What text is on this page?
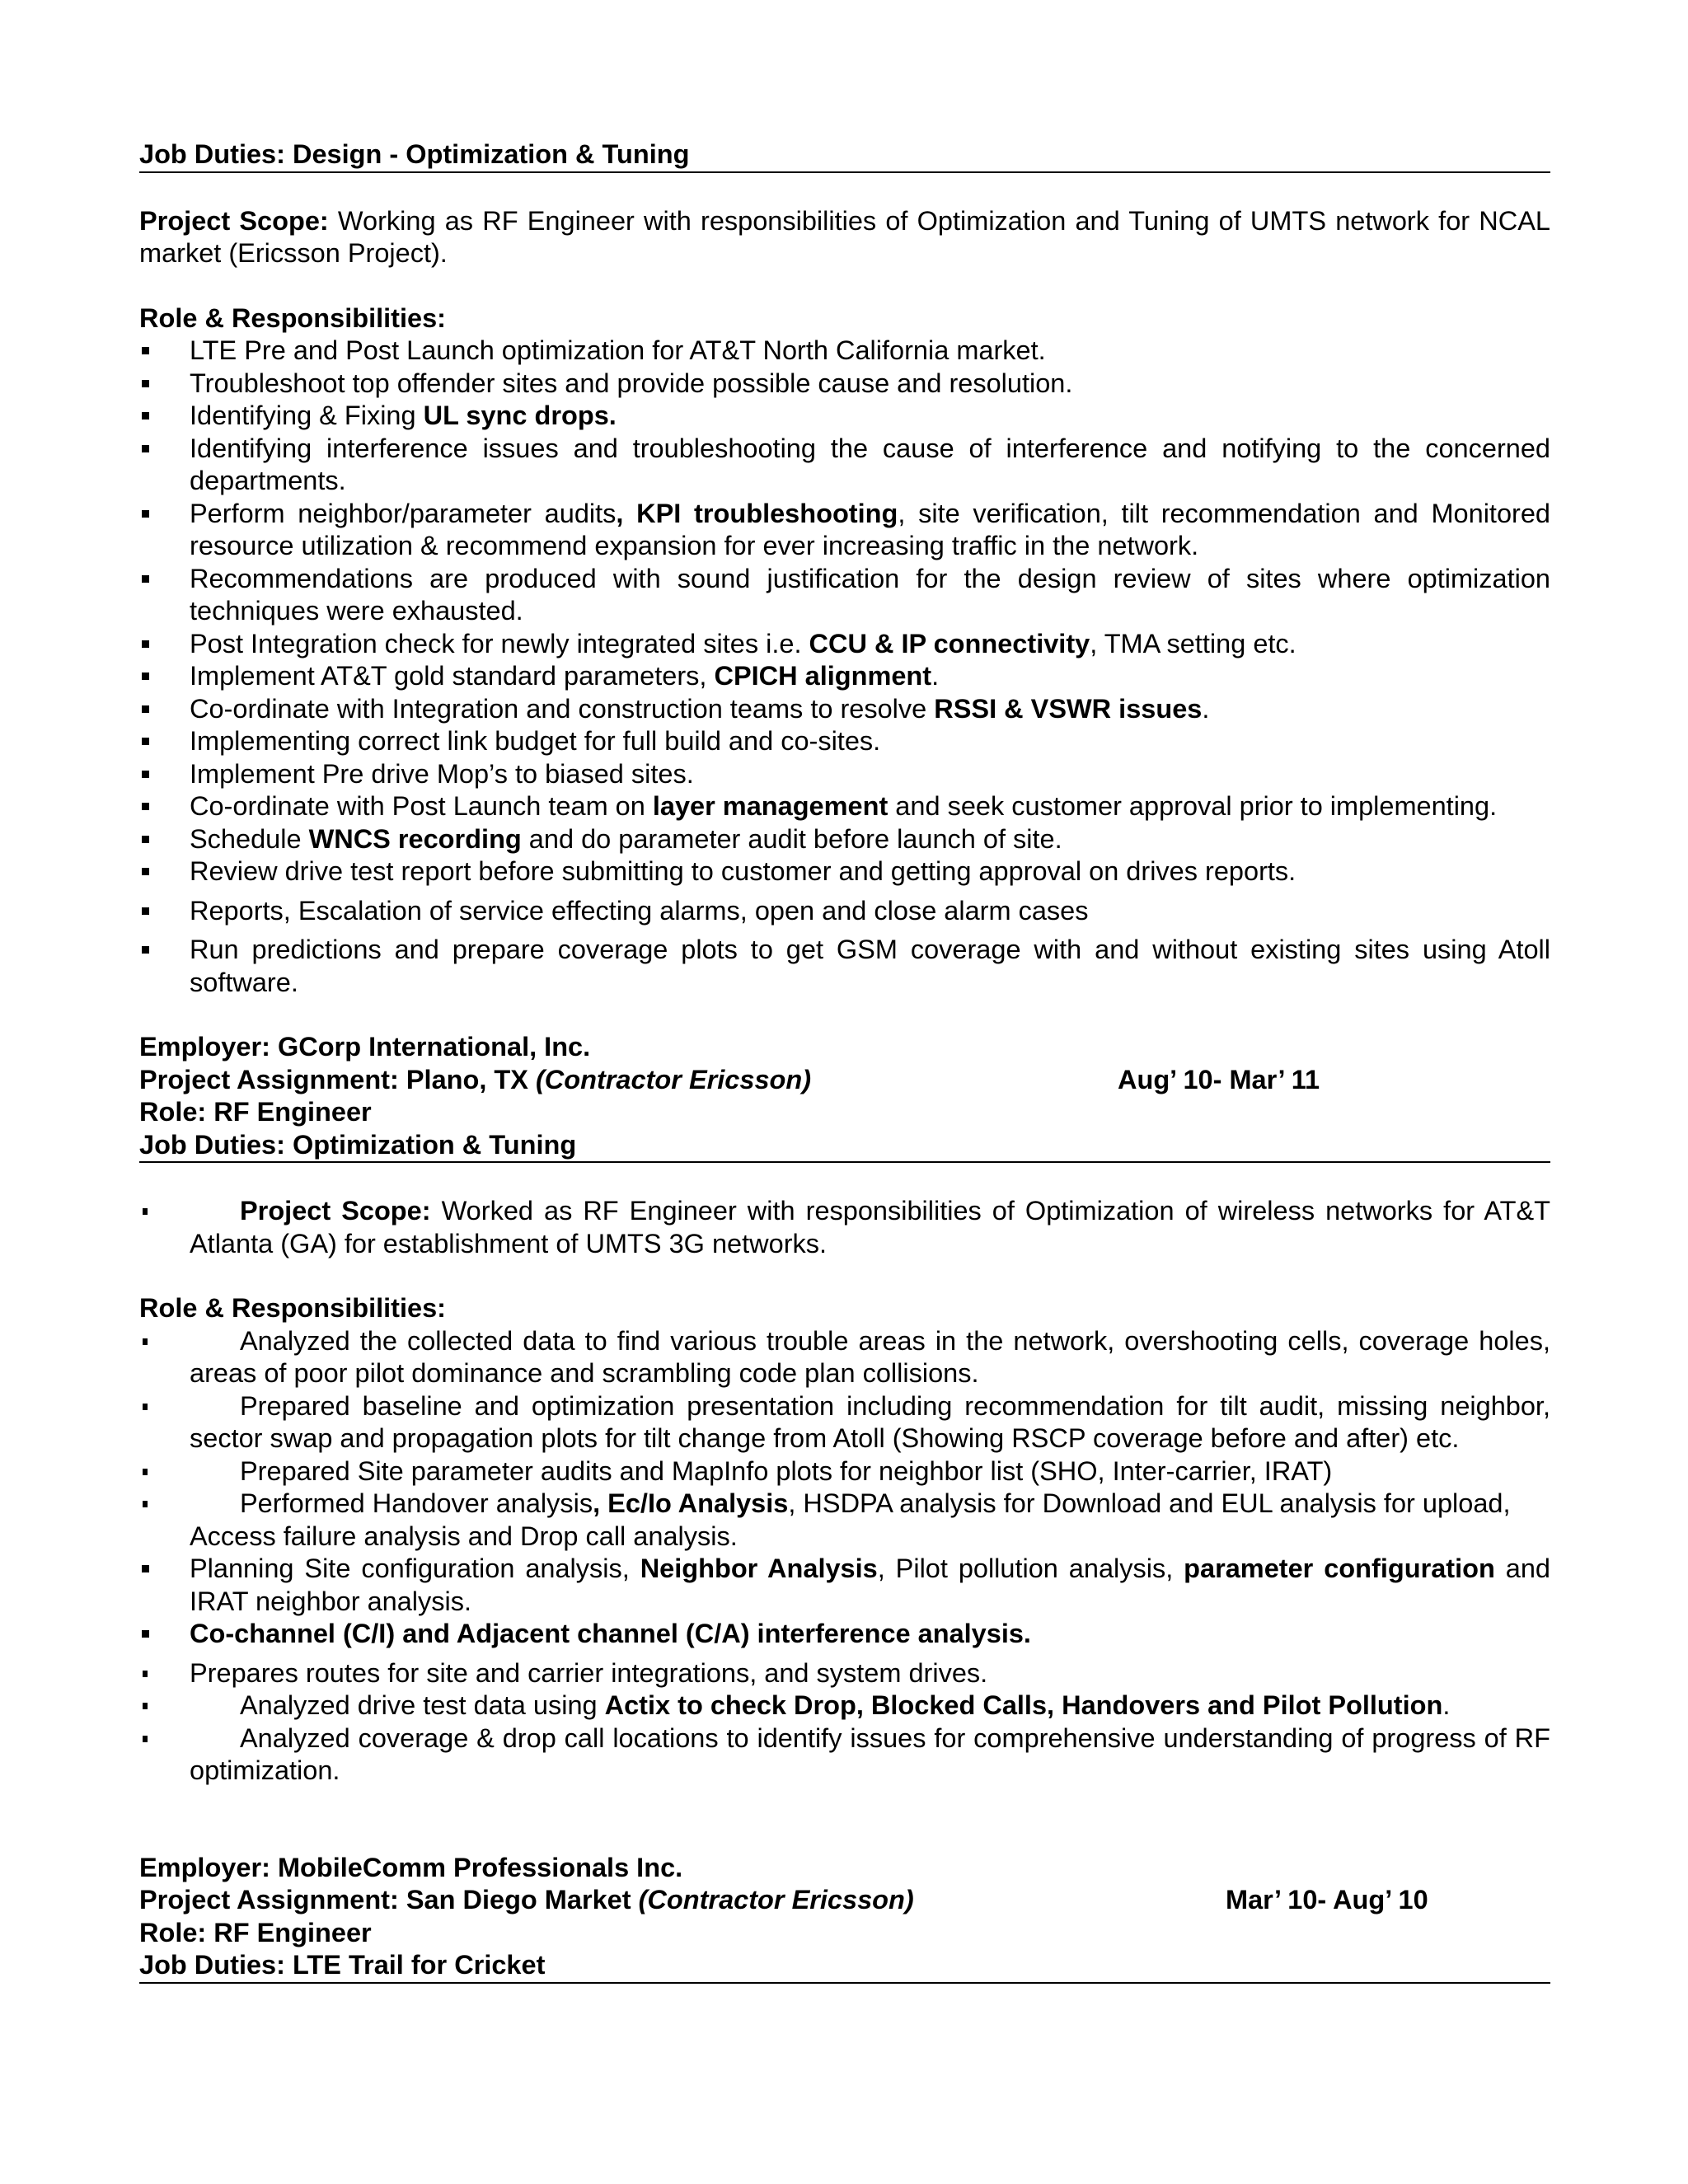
Job Duties: Design - Optimization & Tuning

Project Scope: Working as RF Engineer with responsibilities of Optimization and Tuning of UMTS network for NCAL market (Ericsson Project).

Role & Responsibilities:
LTE Pre and Post Launch optimization for AT&T North California market.
Troubleshoot top offender sites and provide possible cause and resolution.
Identifying & Fixing UL sync drops.
Identifying interference issues and troubleshooting the cause of interference and notifying to the concerned departments.
Perform neighbor/parameter audits, KPI troubleshooting, site verification, tilt recommendation and Monitored resource utilization & recommend expansion for ever increasing traffic in the network.
Recommendations are produced with sound justification for the design review of sites where optimization techniques were exhausted.
Post Integration check for newly integrated sites i.e. CCU & IP connectivity, TMA setting etc.
Implement AT&T gold standard parameters, CPICH alignment.
Co-ordinate with Integration and construction teams to resolve RSSI & VSWR issues.
Implementing correct link budget for full build and co-sites.
Implement Pre drive Mop’s to biased sites.
Co-ordinate with Post Launch team on layer management and seek customer approval prior to implementing.
Schedule WNCS recording and do parameter audit before launch of site.
Review drive test report before submitting to customer and getting approval on drives reports.
Reports, Escalation of service effecting alarms, open and close alarm cases
Run predictions and prepare coverage plots to get GSM coverage with and without existing sites using Atoll software.
Employer: GCorp International, Inc.
Project Assignment: Plano, TX (Contractor Ericsson)	Aug’ 10- Mar’ 11
Role: RF Engineer
Job Duties: Optimization & Tuning
Project Scope: Worked as RF Engineer with responsibilities of Optimization of wireless networks for AT&T Atlanta (GA) for establishment of UMTS 3G networks.
Role & Responsibilities:
Analyzed the collected data to find various trouble areas in the network, overshooting cells, coverage holes, areas of poor pilot dominance and scrambling code plan collisions.
Prepared baseline and optimization presentation including recommendation for tilt audit, missing neighbor, sector swap and propagation plots for tilt change from Atoll (Showing RSCP coverage before and after) etc.
Prepared Site parameter audits and MapInfo plots for neighbor list (SHO, Inter-carrier, IRAT)
Performed Handover analysis, Ec/Io Analysis, HSDPA analysis for Download and EUL analysis for upload,
Access failure analysis and Drop call analysis.
Planning Site configuration analysis, Neighbor Analysis, Pilot pollution analysis, parameter configuration and IRAT neighbor analysis.
Co-channel (C/I) and Adjacent channel (C/A) interference analysis.
Prepares routes for site and carrier integrations, and system drives.
Analyzed drive test data using Actix to check Drop, Blocked Calls, Handovers and Pilot Pollution.
Analyzed coverage & drop call locations to identify issues for comprehensive understanding of progress of RF optimization.
Employer: MobileComm Professionals Inc.
Project Assignment: San Diego Market (Contractor Ericsson)	Mar’ 10- Aug’ 10
Role: RF Engineer
Job Duties: LTE Trail for Cricket
